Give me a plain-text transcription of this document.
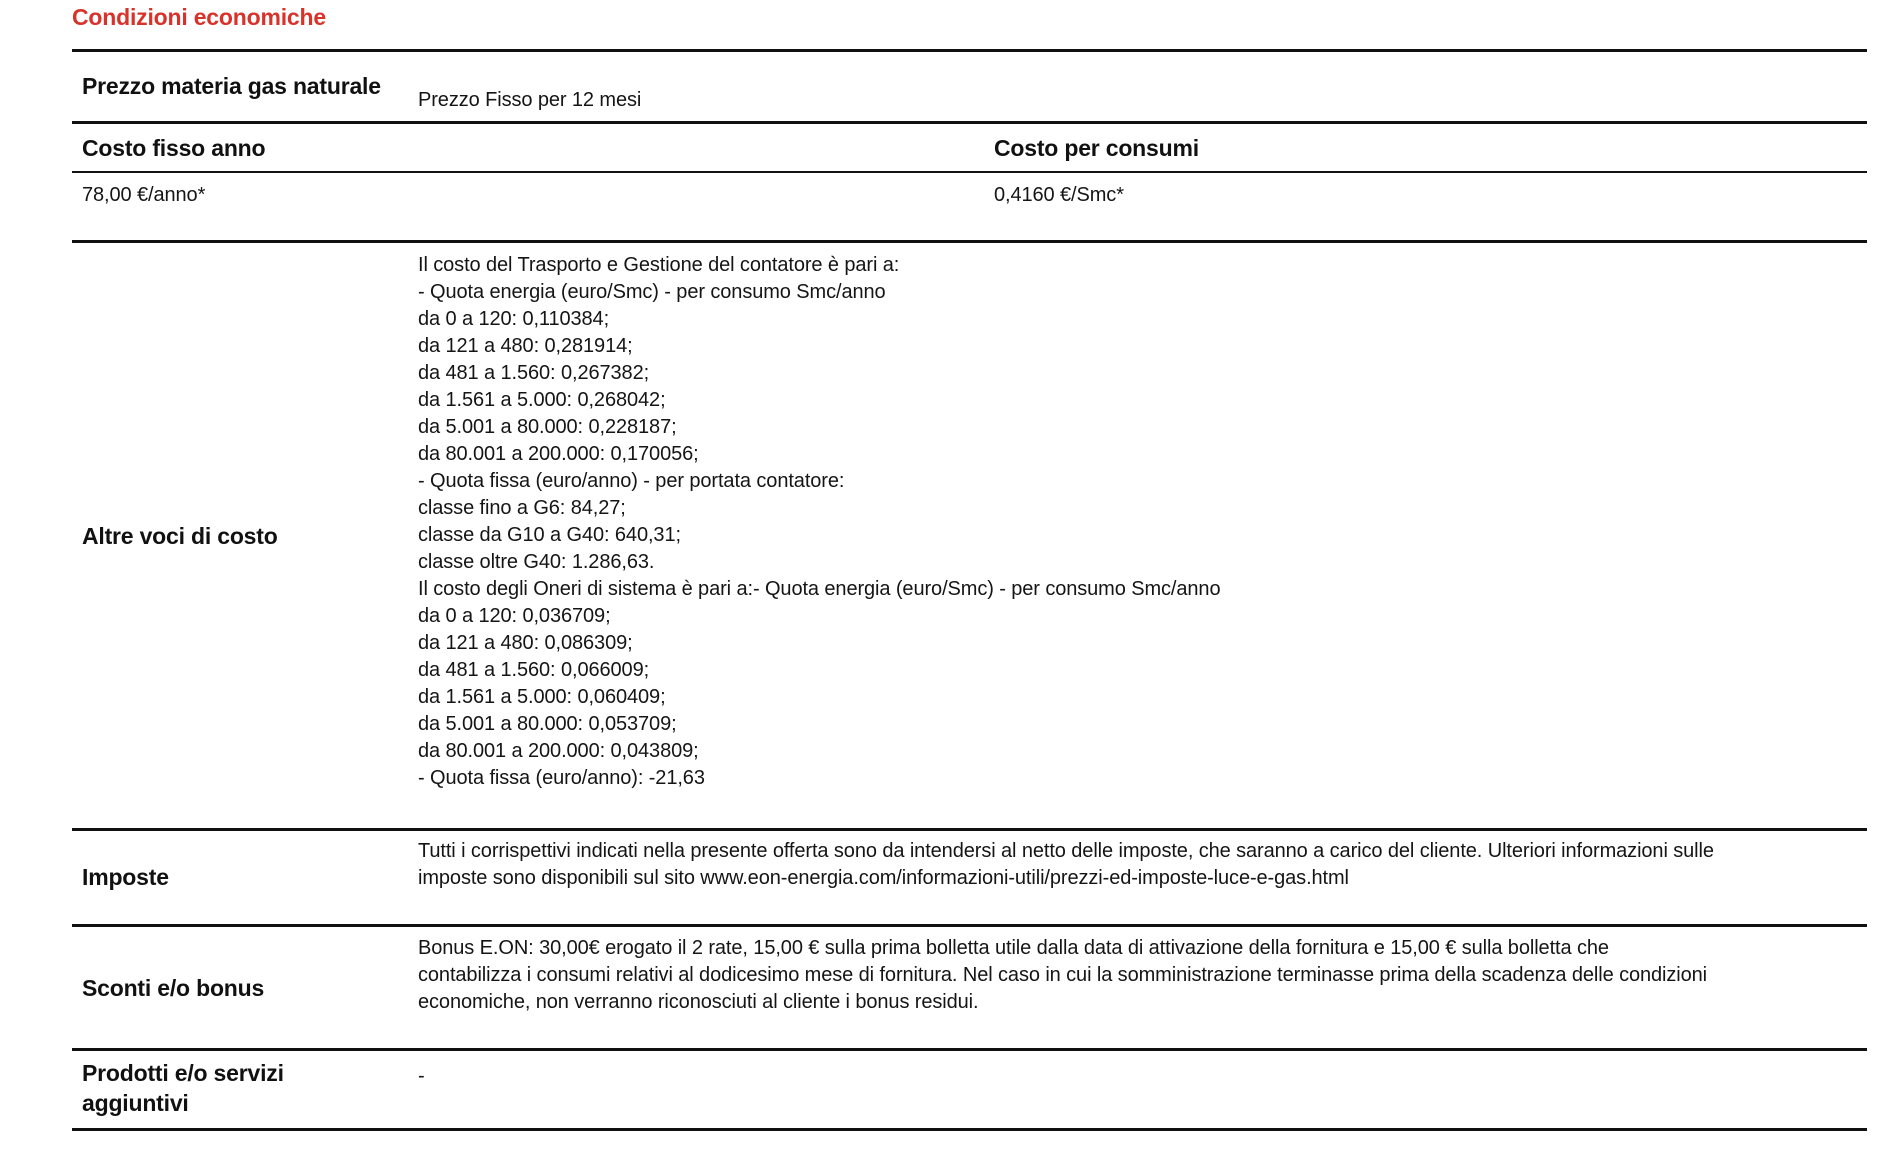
Condizioni economiche
Prezzo materia gas naturale
Prezzo Fisso per 12 mesi
Costo fisso anno	Costo per consumi
78,00 €/anno*	0,4160 €/Smc*
Altre voci di costo
Il costo del Trasporto e Gestione del contatore è pari a:
- Quota energia (euro/Smc) - per consumo Smc/anno
da 0 a 120: 0,110384;
da 121 a 480: 0,281914;
da 481 a 1.560: 0,267382;
da 1.561 a 5.000: 0,268042;
da 5.001 a 80.000: 0,228187;
da 80.001 a 200.000: 0,170056;
- Quota fissa (euro/anno) - per portata contatore:
classe fino a G6: 84,27;
classe da G10 a G40: 640,31;
classe oltre G40: 1.286,63.
Il costo degli Oneri di sistema è pari a:- Quota energia (euro/Smc) - per consumo Smc/anno
da 0 a 120: 0,036709;
da 121 a 480: 0,086309;
da 481 a 1.560: 0,066009;
da 1.561 a 5.000: 0,060409;
da 5.001 a 80.000: 0,053709;
da 80.001 a 200.000: 0,043809;
- Quota fissa (euro/anno): -21,63
Imposte
Tutti i corrispettivi indicati nella presente offerta sono da intendersi al netto delle imposte, che saranno a carico del cliente. Ulteriori informazioni sulle
imposte sono disponibili sul sito www.eon-energia.com/informazioni-utili/prezzi-ed-imposte-luce-e-gas.html
Sconti e/o bonus
Bonus E.ON: 30,00€ erogato il 2 rate, 15,00 € sulla prima bolletta utile dalla data di attivazione della fornitura e 15,00 € sulla bolletta che
contabilizza i consumi relativi al dodicesimo mese di fornitura. Nel caso in cui la somministrazione terminasse prima della scadenza delle condizioni
economiche, non verranno riconosciuti al cliente i bonus residui.
Prodotti e/o servizi aggiuntivi
-
